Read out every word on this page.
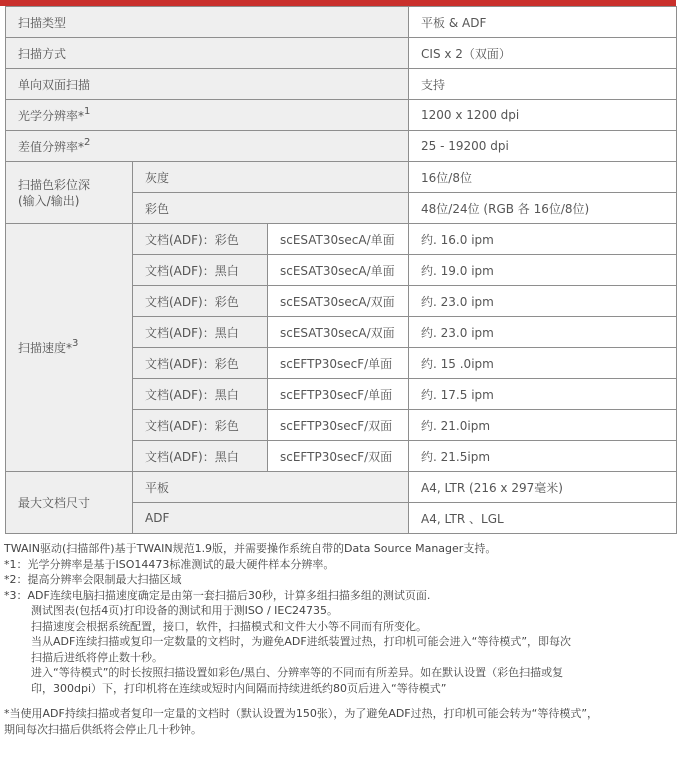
扫描类型			平板 & ADF
扫描方式			CIS x 2（双面）
单向双面扫描			支持
光学分辨率*$^1$			1200 x 1200 dpi
差值分辨率*$^2$			25 - 19200 dpi

扫描色彩位深
(输入/输出)	灰度		16位/8位
	彩色		48位/24位 (RGB 各 16位/8位)
扫描速度*$^3$	文档(ADF)：彩色	scESAT30secA/单面	约. 16.0 ipm
	文档(ADF)：黑白	scESAT30secA/单面	约. 19.0 ipm
	文档(ADF)：彩色	scESAT30secA/双面	约. 23.0 ipm
	文档(ADF)：黑白	scESAT30secA/双面	约. 23.0 ipm
	文档(ADF)：彩色	scEFTP30secF/单面	约. 15 .0ipm
	文档(ADF)：黑白	scEFTP30secF/单面	约. 17.5 ipm
	文档(ADF)：彩色	scEFTP30secF/双面	约. 21.0ipm
	文档(ADF)：黑白	scEFTP30secF/双面	约. 21.5ipm
最大文档尺寸	平板		A4, LTR (216 x 297毫米)
	ADF		A4, LTR 、LGL
TWAIN驱动(扫描部件)基于TWAIN规范1.9版，并需要操作系统自带的Data Source Manager支持。
*1：光学分辨率是基于ISO14473标准测试的最大硬件样本分辨率。
*2：提高分辨率会限制最大扫描区域
*3：ADF连续电脑扫描速度确定是由第一套扫描后30秒，计算多组扫描多组的测试页面.
测试图表(包括4页)打印设备的测试和用于测ISO / IEC24735。
扫描速度会根据系统配置，接口，软件，扫描模式和文件大小等不同而有所变化。
当从ADF连续扫描或复印一定数量的文档时，为避免ADF进纸装置过热，打印机可能会进入“等待模式”，即每次
扫描后进纸将停止数十秒。
进入“等待模式”的时长按照扫描设置如彩色/黑白、分辨率等的不同而有所差异。如在默认设置（彩色扫描或复
印，300dpi）下，打印机将在连续或短时内间隔而持续进纸约80页后进入“等待模式”
*当使用ADF持续扫描或者复印一定量的文档时（默认设置为150张），为了避免ADF过热，打印机可能会转为“等待模式”，
期间每次扫描后供纸将会停止几十秒钟。
